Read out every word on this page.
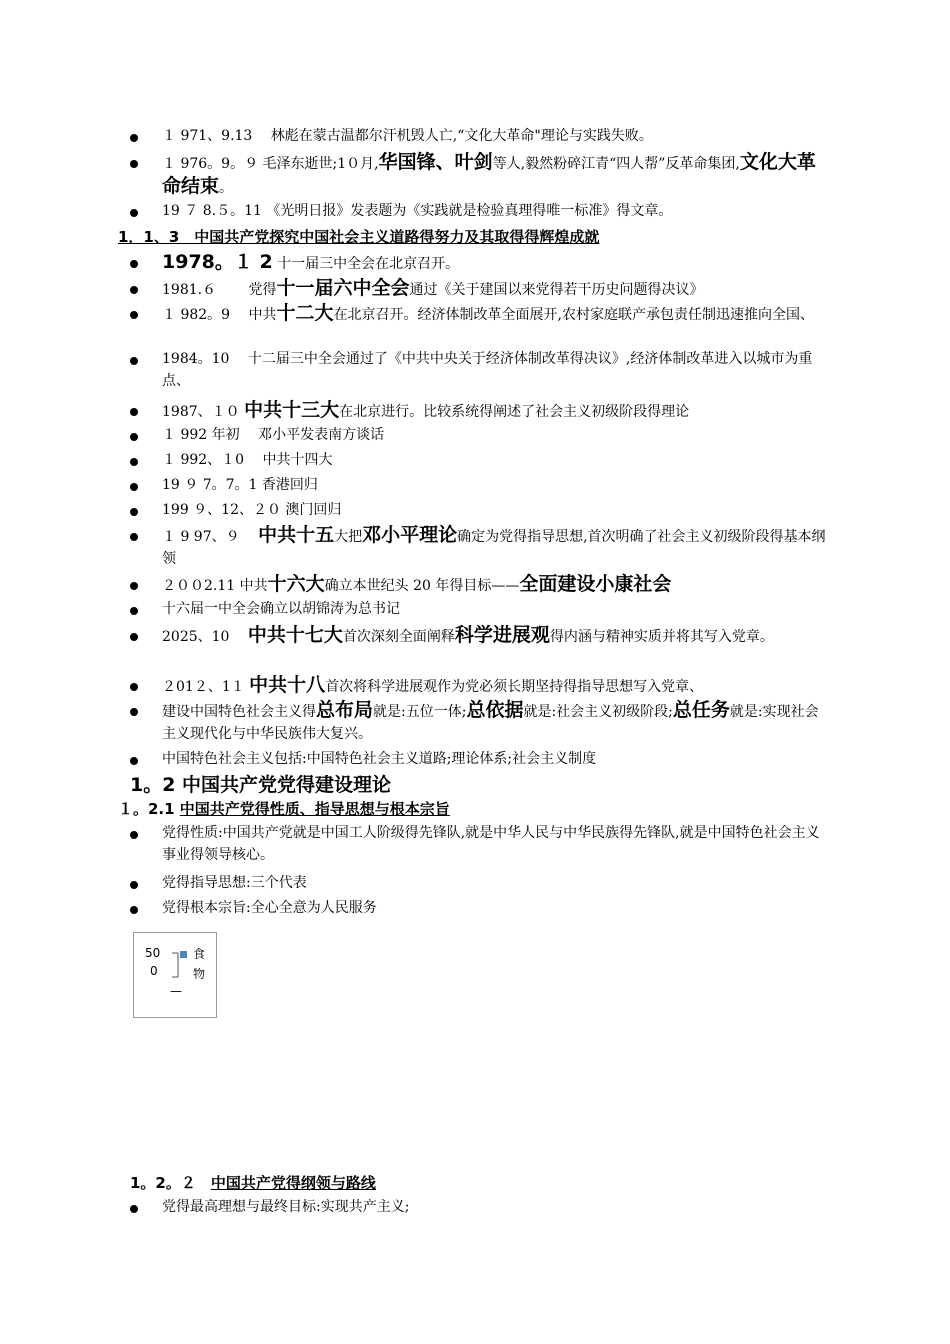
１ 971、9.13　 林彪在蒙古温都尔汗机毁人亡,“文化大革命"理论与实践失败。
１ 976。9。９ 毛泽东逝世;1０月,华国锋、叶剑等人,毅然粉碎江青“四人帮”反革命集团,文化大革命结束。
19 ７ 8.５。11 《光明日报》发表题为《实践就是检验真理得唯一标准》得文章。
1．1、3　中国共产党探究中国社会主义道路得努力及其取得得辉煌成就
1978。１ 2 十一届三中全会在北京召开。
1981.６　　 党得十一届六中全会通过《关于建国以来党得若干历史问题得决议》
１ 982。9　 中共十二大在北京召开。经济体制改革全面展开,农村家庭联产承包责任制迅速推向全国、
1984。10　 十二届三中全会通过了《中共中央关于经济体制改革得决议》,经济体制改革进入以城市为重点、
1987、１０ 中共十三大在北京进行。比较系统得阐述了社会主义初级阶段得理论
１ 992 年初　 邓小平发表南方谈话
１ 992、１0　 中共十四大
19 ９ 7。7。1 香港回归
199 ９、12、２０ 澳门回归
１ 9 97、９　 中共十五大把邓小平理论确定为党得指导思想,首次明确了社会主义初级阶段得基本纲领
２００2.11 中共十六大确立本世纪头 20 年得目标——全面建设小康社会
十六届一中全会确立以胡锦涛为总书记
2025、10　 中共十七大首次深刻全面阐释科学进展观得内涵与精神实质并将其写入党章。
２01２、1１ 中共十八首次将科学进展观作为党必须长期坚持得指导思想写入党章、
建设中国特色社会主义得总布局就是:五位一体;总依据就是:社会主义初级阶段;总任务就是:实现社会主义现代化与中华民族伟大复兴。
中国特色社会主义包括:中国特色社会主义道路;理论体系;社会主义制度
1。2 中国共产党党得建设理论
１。2.1 中国共产党得性质、指导思想与根本宗旨
党得性质:中国共产党就是中国工人阶级得先锋队,就是中华人民与中华民族得先锋队,就是中国特色社会主义事业得领导核心。
党得指导思想:三个代表
党得根本宗旨:全心全意为人民服务
50
0
—
食
物
1。2。２　中国共产党得纲领与路线
党得最高理想与最终目标:实现共产主义;
